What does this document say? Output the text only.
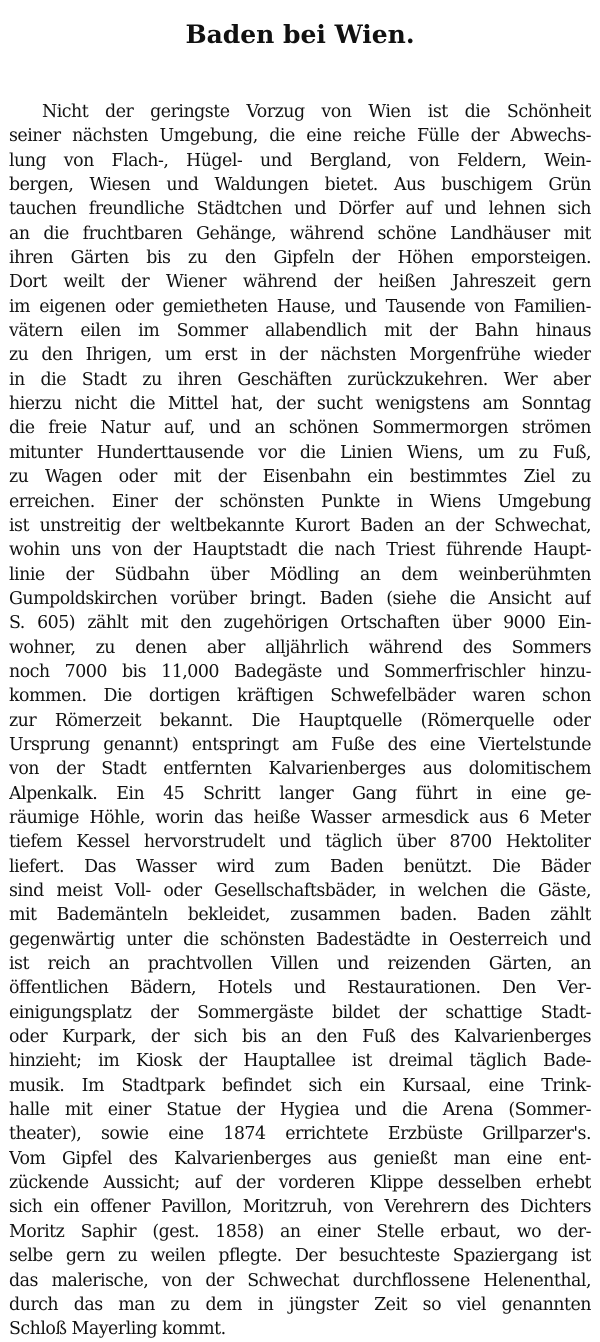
Baden bei Wien.
Nicht der geringste Vorzug von Wien ist die Schönheit
seiner nächsten Umgebung, die eine reiche Fülle der Abwechs-
lung von Flach-, Hügel- und Bergland, von Feldern, Wein-
bergen, Wiesen und Waldungen bietet. Aus buschigem Grün
tauchen freundliche Städtchen und Dörfer auf und lehnen sich
an die fruchtbaren Gehänge, während schöne Landhäuser mit
ihren Gärten bis zu den Gipfeln der Höhen emporsteigen.
Dort weilt der Wiener während der heißen Jahreszeit gern
im eigenen oder gemietheten Hause, und Tausende von Familien-
vätern eilen im Sommer allabendlich mit der Bahn hinaus
zu den Ihrigen, um erst in der nächsten Morgenfrühe wieder
in die Stadt zu ihren Geschäften zurückzukehren. Wer aber
hierzu nicht die Mittel hat, der sucht wenigstens am Sonntag
die freie Natur auf, und an schönen Sommermorgen strömen
mitunter Hunderttausende vor die Linien Wiens, um zu Fuß,
zu Wagen oder mit der Eisenbahn ein bestimmtes Ziel zu
erreichen. Einer der schönsten Punkte in Wiens Umgebung
ist unstreitig der weltbekannte Kurort Baden an der Schwechat,
wohin uns von der Hauptstadt die nach Triest führende Haupt-
linie der Südbahn über Mödling an dem weinberühmten
Gumpoldskirchen vorüber bringt. Baden (siehe die Ansicht auf
S. 605) zählt mit den zugehörigen Ortschaften über 9000 Ein-
wohner, zu denen aber alljährlich während des Sommers
noch 7000 bis 11,000 Badegäste und Sommerfrischler hinzu-
kommen. Die dortigen kräftigen Schwefelbäder waren schon
zur Römerzeit bekannt. Die Hauptquelle (Römerquelle oder
Ursprung genannt) entspringt am Fuße des eine Viertelstunde
von der Stadt entfernten Kalvarienberges aus dolomitischem
Alpenkalk. Ein 45 Schritt langer Gang führt in eine ge-
räumige Höhle, worin das heiße Wasser armesdick aus 6 Meter
tiefem Kessel hervorstrudelt und täglich über 8700 Hektoliter
liefert. Das Wasser wird zum Baden benützt. Die Bäder
sind meist Voll- oder Gesellschaftsbäder, in welchen die Gäste,
mit Bademänteln bekleidet, zusammen baden. Baden zählt
gegenwärtig unter die schönsten Badestädte in Oesterreich und
ist reich an prachtvollen Villen und reizenden Gärten, an
öffentlichen Bädern, Hotels und Restaurationen. Den Ver-
einigungsplatz der Sommergäste bildet der schattige Stadt-
oder Kurpark, der sich bis an den Fuß des Kalvarienberges
hinzieht; im Kiosk der Hauptallee ist dreimal täglich Bade-
musik. Im Stadtpark befindet sich ein Kursaal, eine Trink-
halle mit einer Statue der Hygiea und die Arena (Sommer-
theater), sowie eine 1874 errichtete Erzbüste Grillparzer's.
Vom Gipfel des Kalvarienberges aus genießt man eine ent-
zückende Aussicht; auf der vorderen Klippe desselben erhebt
sich ein offener Pavillon, Moritzruh, von Verehrern des Dichters
Moritz Saphir (gest. 1858) an einer Stelle erbaut, wo der-
selbe gern zu weilen pflegte. Der besuchteste Spaziergang ist
das malerische, von der Schwechat durchflossene Helenenthal,
durch das man zu dem in jüngster Zeit so viel genannten
Schloß Mayerling kommt.
